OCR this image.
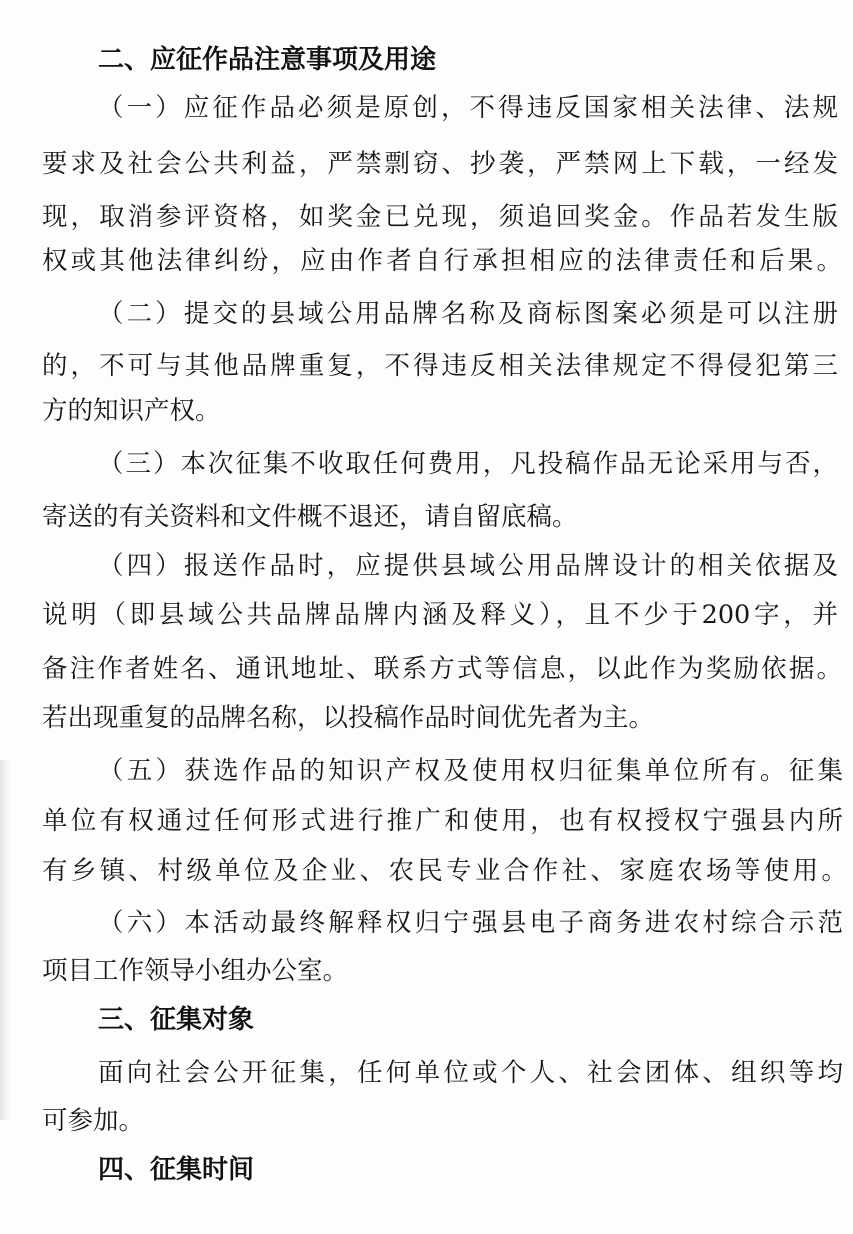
二、应征作品注意事项及用途

（一）应征作品必须是原创，不得违反国家相关法律、法规

要求及社会公共利益，严禁剽窃、抄袭，严禁网上下载，一经发

现，取消参评资格，如奖金已兑现，须追回奖金。作品若发生版

权或其他法律纠纷，应由作者自行承担相应的法律责任和后果。

（二）提交的县域公用品牌名称及商标图案必须是可以注册

的，不可与其他品牌重复，不得违反相关法律规定不得侵犯第三

方的知识产权。

（三）本次征集不收取任何费用，凡投稿作品无论采用与否，

寄送的有关资料和文件概不退还，请自留底稿。

（四）报送作品时，应提供县域公用品牌设计的相关依据及

说明（即县域公共品牌品牌内涵及释义），且不少于200字，并

备注作者姓名、通讯地址、联系方式等信息，以此作为奖励依据。

若出现重复的品牌名称，以投稿作品时间优先者为主。

（五）获选作品的知识产权及使用权归征集单位所有。征集

单位有权通过任何形式进行推广和使用，也有权授权宁强县内所

有乡镇、村级单位及企业、农民专业合作社、家庭农场等使用。

（六）本活动最终解释权归宁强县电子商务进农村综合示范

项目工作领导小组办公室。

三、征集对象

面向社会公开征集，任何单位或个人、社会团体、组织等均

可参加。

四、征集时间
